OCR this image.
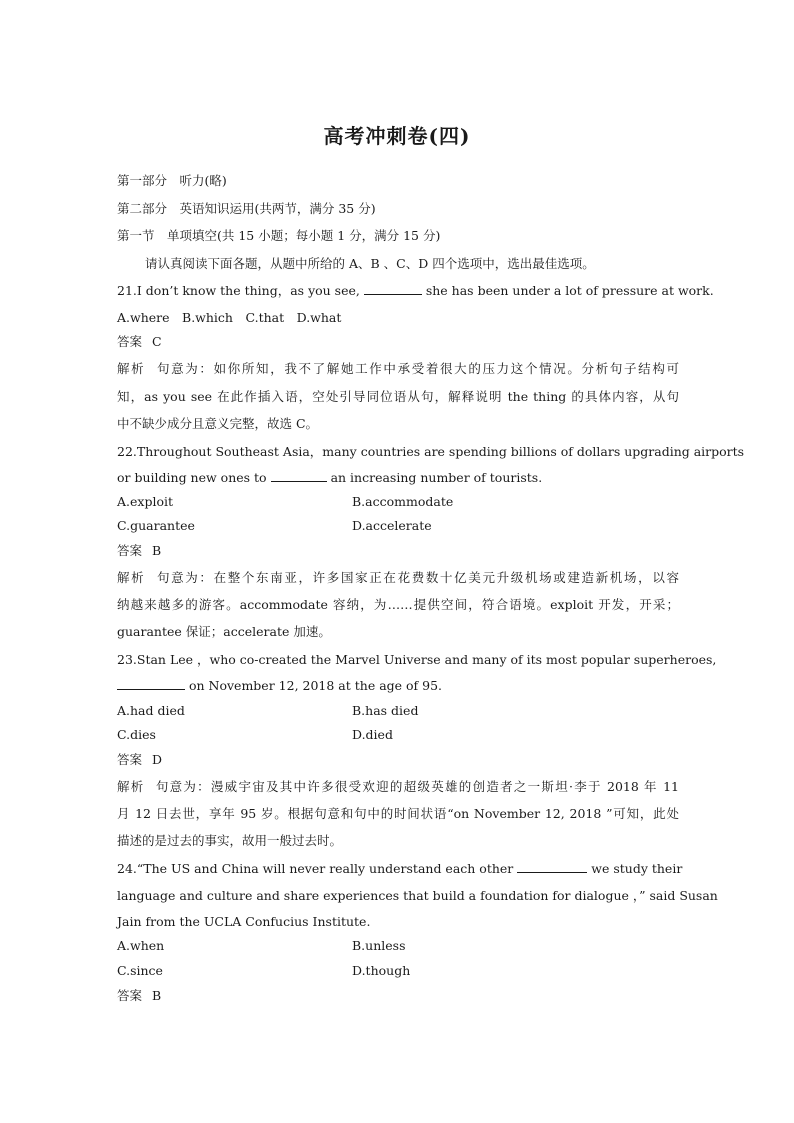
高考冲刺卷(四)
第一部分　听力(略)
第二部分　英语知识运用(共两节，满分 35 分)
第一节　单项填空(共 15 小题；每小题 1 分，满分 15 分)
请认真阅读下面各题，从题中所给的 A、B 、C、D 四个选项中，选出最佳选项。
21.I don’t know the thing，as you see,	she has been under a lot of pressure at work.
A.where　B.which　C.that　D.what
答案 C
解析 句意为：如你所知，我不了解她工作中承受着很大的压力这个情况。分析句子结构可
知，as you see 在此作插入语，空处引导同位语从句，解释说明 the thing 的具体内容，从句
中不缺少成分且意义完整，故选 C。
22.Throughout Southeast Asia，many countries are spending billions of dollars upgrading airports
or building new ones to	an increasing number of tourists.
A.exploit	B.accommodate
C.guarantee	D.accelerate
答案 B
解析 句意为：在整个东南亚，许多国家正在花费数十亿美元升级机场或建造新机场，以容
纳越来越多的游客。accommodate 容纳，为……提供空间，符合语境。exploit 开发，开采；
guarantee 保证；accelerate 加速。
23.Stan Lee ，who co-created the Marvel Universe and many of its most popular superheroes,
on November 12, 2018 at the age of 95.
A.had died	B.has died
C.dies	D.died
答案 D
解析 句意为：漫威宇宙及其中许多很受欢迎的超级英雄的创造者之一斯坦·李于 2018 年 11
月 12 日去世，享年 95 岁。根据句意和句中的时间状语“on November 12, 2018 ”可知，此处
描述的是过去的事实，故用一般过去时。
24.“The US and China will never really understand each other	we study their
language and culture and share experiences that build a foundation for dialogue ，” said Susan
Jain from the UCLA Confucius Institute.
A.when	B.unless
C.since	D.though
答案 B
